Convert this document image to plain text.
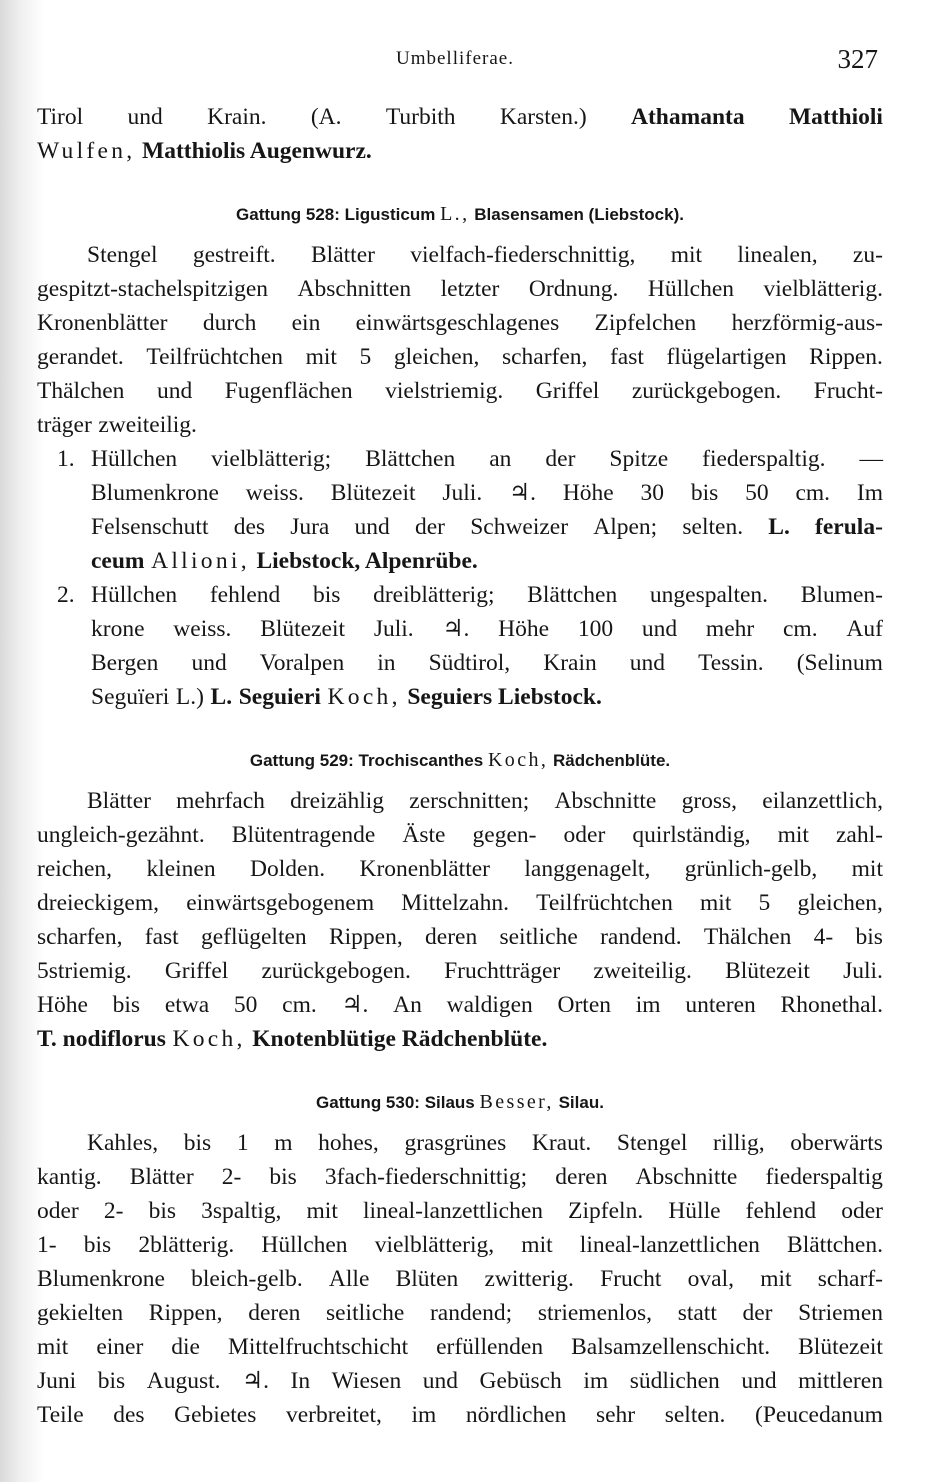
Umbelliferae.	327
Tirol und Krain. (A. Turbith Karsten.) Athamanta Matthioli
Wulfen, Matthiolis Augenwurz.
Gattung 528: Ligusticum L., Blasensamen (Liebstock).
Stengel gestreift. Blätter vielfach-fiederschnittig, mit linealen, zu-
gespitzt-stachelspitzigen Abschnitten letzter Ordnung. Hüllchen vielblätterig.
Kronenblätter durch ein einwärtsgeschlagenes Zipfelchen herzförmig-aus-
gerandet. Teilfrüchtchen mit 5 gleichen, scharfen, fast flügelartigen Rippen.
Thälchen und Fugenflächen vielstriemig. Griffel zurückgebogen. Frucht-
träger zweiteilig.
1. Hüllchen vielblätterig; Blättchen an der Spitze fiederspaltig. —
Blumenkrone weiss. Blütezeit Juli. ♃. Höhe 30 bis 50 cm. Im
Felsenschutt des Jura und der Schweizer Alpen; selten. L. ferula-
ceum Allioni, Liebstock, Alpenrübe.
2. Hüllchen fehlend bis dreiblätterig; Blättchen ungespalten. Blumen-
krone weiss. Blütezeit Juli. ♃. Höhe 100 und mehr cm. Auf
Bergen und Voralpen in Südtirol, Krain und Tessin. (Selinum
Seguïeri L.) L. Seguieri Koch, Seguiers Liebstock.
Gattung 529: Trochiscanthes Koch, Rädchenblüte.
Blätter mehrfach dreizählig zerschnitten; Abschnitte gross, eilanzettlich,
ungleich-gezähnt. Blütentragende Äste gegen- oder quirlständig, mit zahl-
reichen, kleinen Dolden. Kronenblätter langgenagelt, grünlich-gelb, mit
dreieckigem, einwärtsgebogenem Mittelzahn. Teilfrüchtchen mit 5 gleichen,
scharfen, fast geflügelten Rippen, deren seitliche randend. Thälchen 4- bis
5striemig. Griffel zurückgebogen. Fruchtträger zweiteilig. Blütezeit Juli.
Höhe bis etwa 50 cm. ♃. An waldigen Orten im unteren Rhonethal.
T. nodiflorus Koch, Knotenblütige Rädchenblüte.
Gattung 530: Silaus Besser, Silau.
Kahles, bis 1 m hohes, grasgrünes Kraut. Stengel rillig, oberwärts
kantig. Blätter 2- bis 3fach-fiederschnittig; deren Abschnitte fiederspaltig
oder 2- bis 3spaltig, mit lineal-lanzettlichen Zipfeln. Hülle fehlend oder
1- bis 2blätterig. Hüllchen vielblätterig, mit lineal-lanzettlichen Blättchen.
Blumenkrone bleich-gelb. Alle Blüten zwitterig. Frucht oval, mit scharf-
gekielten Rippen, deren seitliche randend; striemenlos, statt der Striemen
mit einer die Mittelfruchtschicht erfüllenden Balsamzellenschicht. Blütezeit
Juni bis August. ♃. In Wiesen und Gebüsch im südlichen und mittleren
Teile des Gebietes verbreitet, im nördlichen sehr selten. (Peucedanum
